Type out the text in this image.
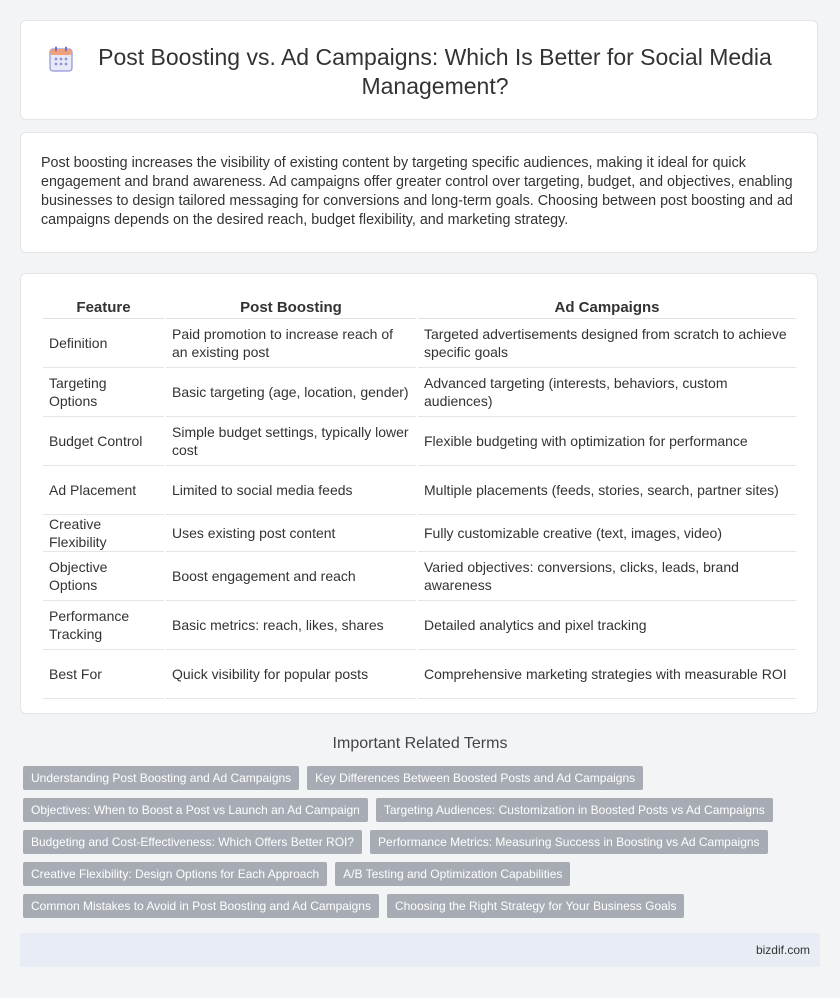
Post Boosting vs. Ad Campaigns: Which Is Better for Social Media Management?

Post boosting increases the visibility of existing content by targeting specific audiences, making it ideal for quick engagement and brand awareness. Ad campaigns offer greater control over targeting, budget, and objectives, enabling businesses to design tailored messaging for conversions and long-term goals. Choosing between post boosting and ad campaigns depends on the desired reach, budget flexibility, and marketing strategy.

Feature	Post Boosting	Ad Campaigns
Definition	Paid promotion to increase reach of an existing post	Targeted advertisements designed from scratch to achieve specific goals
Targeting Options	Basic targeting (age, location, gender)	Advanced targeting (interests, behaviors, custom audiences)
Budget Control	Simple budget settings, typically lower cost	Flexible budgeting with optimization for performance
Ad Placement	Limited to social media feeds	Multiple placements (feeds, stories, search, partner sites)
Creative Flexibility	Uses existing post content	Fully customizable creative (text, images, video)
Objective Options	Boost engagement and reach	Varied objectives: conversions, clicks, leads, brand awareness
Performance Tracking	Basic metrics: reach, likes, shares	Detailed analytics and pixel tracking
Best For	Quick visibility for popular posts	Comprehensive marketing strategies with measurable ROI
Important Related Terms
Understanding Post Boosting and Ad Campaigns	Key Differences Between Boosted Posts and Ad Campaigns
Objectives: When to Boost a Post vs Launch an Ad Campaign	Targeting Audiences: Customization in Boosted Posts vs Ad Campaigns
Budgeting and Cost-Effectiveness: Which Offers Better ROI?	Performance Metrics: Measuring Success in Boosting vs Ad Campaigns
Creative Flexibility: Design Options for Each Approach	A/B Testing and Optimization Capabilities
Common Mistakes to Avoid in Post Boosting and Ad Campaigns	Choosing the Right Strategy for Your Business Goals
bizdif.com
